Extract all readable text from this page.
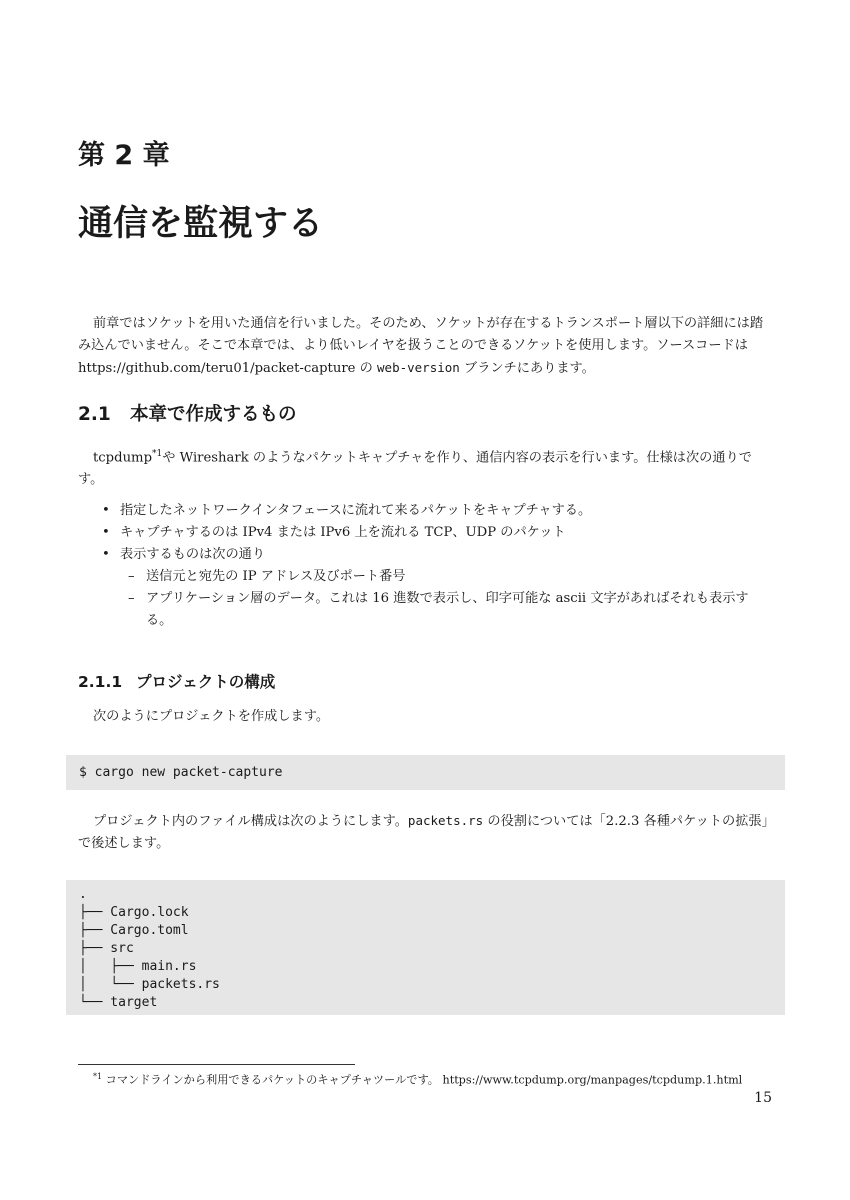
第 2 章
通信を監視する
前章ではソケットを用いた通信を行いました。そのため、ソケットが存在するトランスポート層以下の詳細には踏み込んでいません。そこで本章では、より低いレイヤを扱うことのできるソケットを使用します。ソースコードは https://github.com/teru01/packet-capture の web-version ブランチにあります。
2.1 本章で作成するもの
tcpdump$^{*1}$や Wireshark のようなパケットキャプチャを作り、通信内容の表示を行います。仕様は次の通りです。
• 指定したネットワークインタフェースに流れて来るパケットをキャプチャする。
• キャプチャするのは IPv4 または IPv6 上を流れる TCP、UDP のパケット
• 表示するものは次の通り
– 送信元と宛先の IP アドレス及びポート番号
– アプリケーション層のデータ。これは 16 進数で表示し、印字可能な ascii 文字があればそれも表示する。
2.1.1 プロジェクトの構成
次のようにプロジェクトを作成します。
$ cargo new packet-capture
プロジェクト内のファイル構成は次のようにします。packets.rs の役割については「2.2.3 各種パケットの拡張」で後述します。
.
├── Cargo.lock
├── Cargo.toml
├── src
│   ├── main.rs
│   └── packets.rs
└── target
$^{*1}$ コマンドラインから利用できるパケットのキャプチャツールです。 https://www.tcpdump.org/manpages/tcpdump.1.html
15
